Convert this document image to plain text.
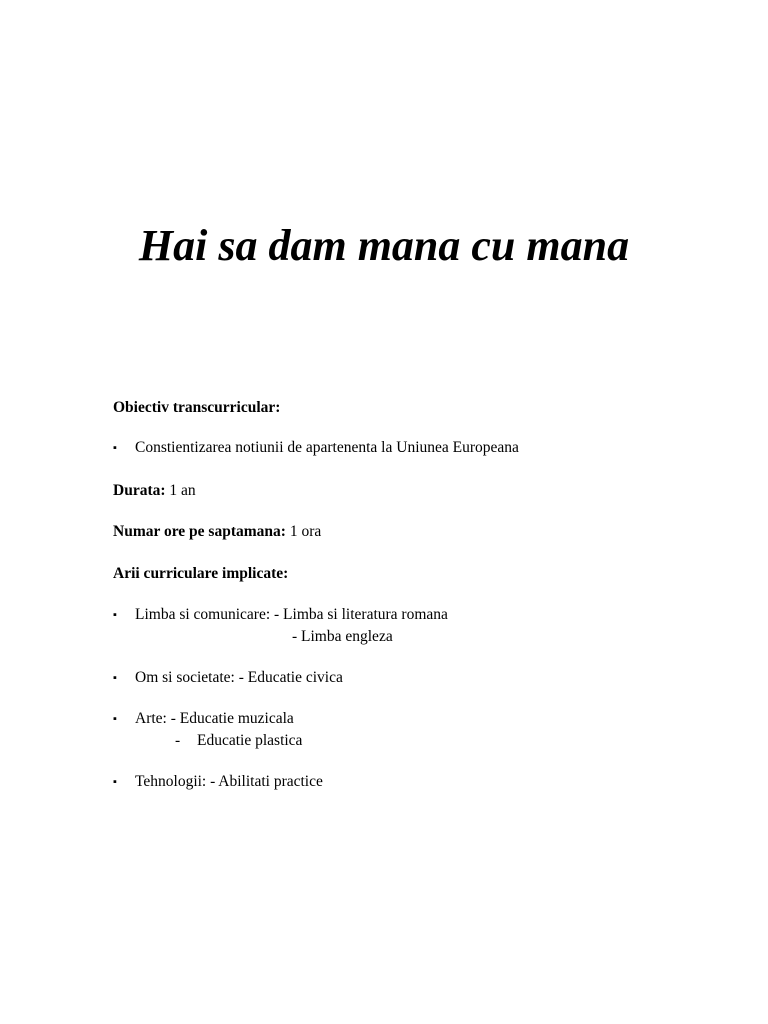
Hai sa dam mana cu mana
Obiectiv transcurricular:
▪ Constientizarea notiunii de apartenenta la Uniunea Europeana
Durata: 1 an
Numar ore pe saptamana: 1 ora
Arii curriculare implicate:
▪ Limba si comunicare: - Limba si literatura romana
- Limba engleza
▪ Om si societate: - Educatie civica
▪ Arte: - Educatie muzicala
- Educatie plastica
▪ Tehnologii: - Abilitati practice
